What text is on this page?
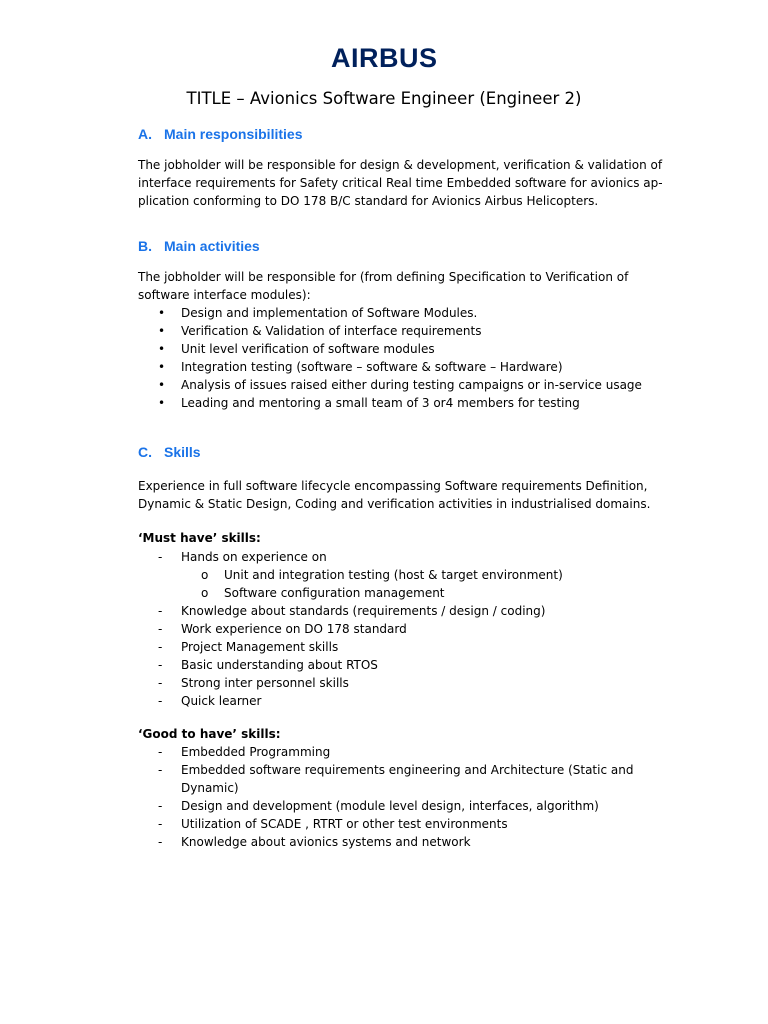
AIRBUS
TITLE – Avionics Software Engineer (Engineer 2)
A. Main responsibilities
The jobholder will be responsible for design & development, verification & validation of
interface requirements for Safety critical Real time Embedded software for avionics ap-
plication conforming to DO 178 B/C standard for Avionics Airbus Helicopters.
B. Main activities
The jobholder will be responsible for (from defining Specification to Verification of
software interface modules):
• Design and implementation of Software Modules.
• Verification & Validation of interface requirements
• Unit level verification of software modules
• Integration testing (software – software & software – Hardware)
• Analysis of issues raised either during testing campaigns or in-service usage
• Leading and mentoring a small team of 3 or4 members for testing
C. Skills
Experience in full software lifecycle encompassing Software requirements Definition,
Dynamic & Static Design, Coding and verification activities in industrialised domains.
‘Must have’ skills:
- Hands on experience on
o Unit and integration testing (host & target environment)
o Software configuration management
- Knowledge about standards (requirements / design / coding)
- Work experience on DO 178 standard
- Project Management skills
- Basic understanding about RTOS
- Strong inter personnel skills
- Quick learner
‘Good to have’ skills:
- Embedded Programming
- Embedded software requirements engineering and Architecture (Static and
Dynamic)
- Design and development (module level design, interfaces, algorithm)
- Utilization of SCADE , RTRT or other test environments
- Knowledge about avionics systems and network
